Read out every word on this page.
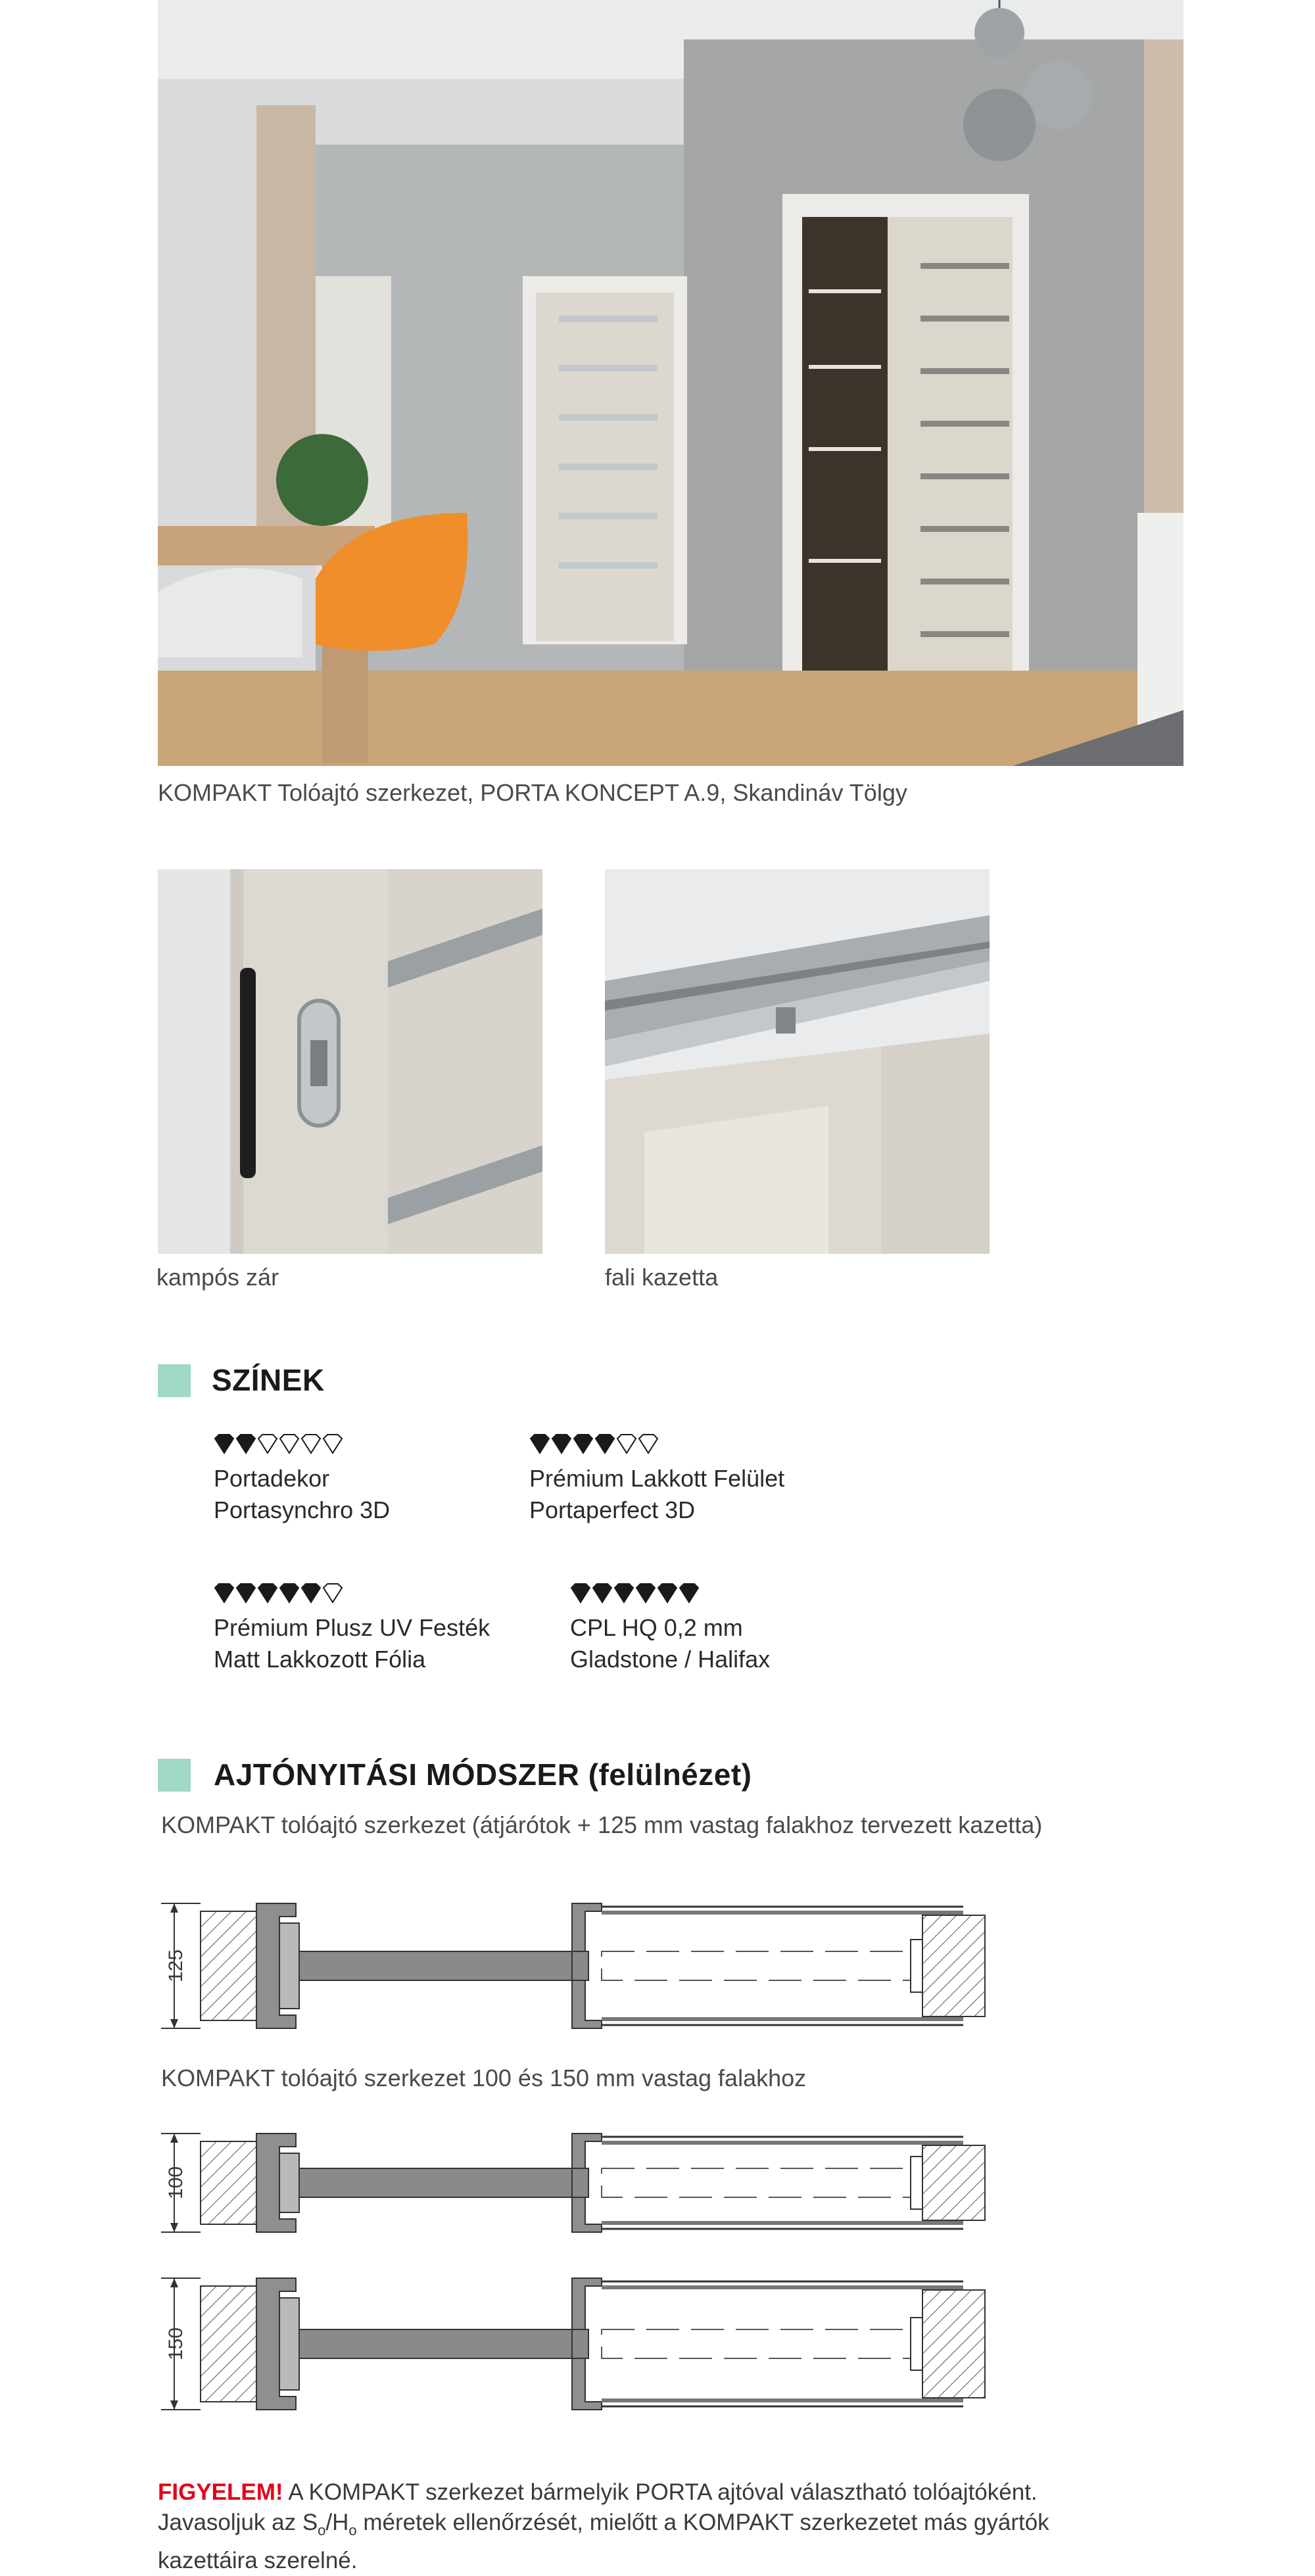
KOMPAKT Tolóajtó szerkezet, PORTA KONCEPT A.9, Skandináv Tölgy
kampós zár	fali kazetta
SZÍNEK
Portadekor
Portasynchro 3D
Prémium Lakkott Felület
Portaperfect 3D
Prémium Plusz UV Festék
Matt Lakkozott Fólia
CPL HQ 0,2 mm
Gladstone / Halifax
AJTÓNYITÁSI MÓDSZER (felülnézet)
KOMPAKT tolóajtó szerkezet (átjárótok + 125 mm vastag falakhoz tervezett kazetta)
125
KOMPAKT tolóajtó szerkezet 100 és 150 mm vastag falakhoz
100
150
FIGYELEM! A KOMPAKT szerkezet bármelyik PORTA ajtóval választható tolóajtóként.
Javasoljuk az $S_o/H_o$ méretek ellenőrzését, mielőtt a KOMPAKT szerkezetet más gyártók
kazettáira szerelné.
